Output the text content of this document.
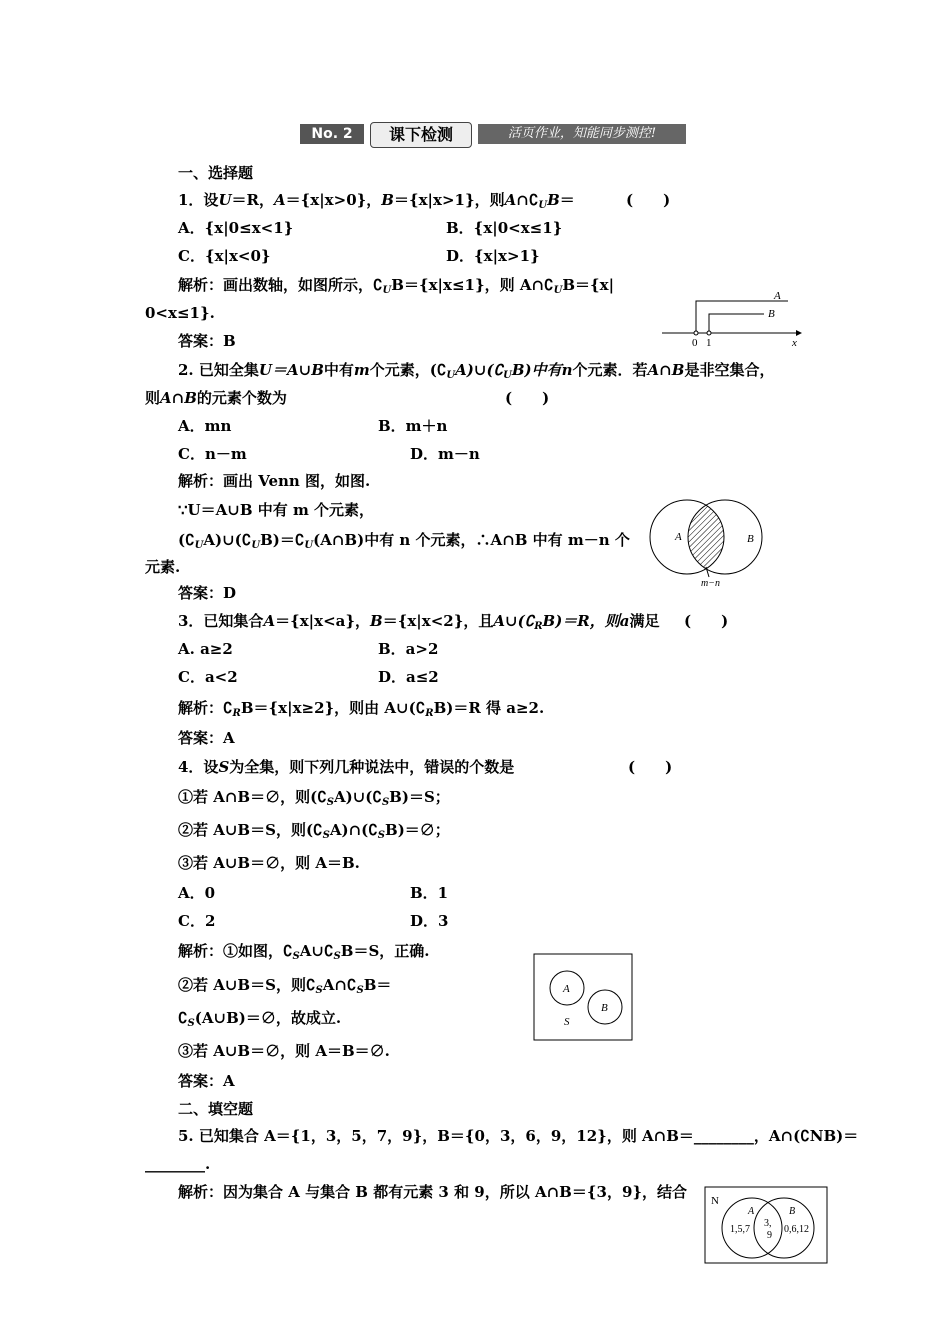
No. 2	课下检测	活页作业，知能同步测控!
一、选择题
1．设U＝R，A＝{x|x>0}，B＝{x|x>1}，则$A\cap∁_UB=$	(　　)
A．{x|0≤x<1}	B．{x|0<x≤1}
C．{x|x<0}	D．{x|x>1}
解析：画出数轴，如图所示，$∁_UB=\{x|x\le 1\}$，则 $A\cap∁_UB=\{x|$
0<x≤1}.
答案：B
A
B
0 1	x
2. 已知全集U＝A∪B中有m个元素，$(∁_UA)\cup(∁_UB)$中有n个元素．若A∩B是非空集合，
则A∩B的元素个数为	(　　)
A．mn	B．m＋n
C．n－m	D．m－n
解析：画出 Venn 图，如图.
∵U＝A∪B 中有 m 个元素，
$(∁_UA)\cup(∁_UB)=∁_U(A\cap B)$中有 n 个元素，∴A∩B 中有 m－n 个
元素.
答案：D
A	B
m−n
3．已知集合A＝{x|x<a}，B＝{x|x<2}，且$A\cup(∁_RB)=R$，则a满足 (　　)
A. a≥2	B．a>2
C．a<2	D．a≤2
解析：$∁_RB=\{x|x\ge 2\}$，则由 $A\cup(∁_RB)=R$ 得 a≥2.
答案：A
4．设S为全集，则下列几种说法中，错误的个数是	(　　)
①若 A∩B＝∅，则$(∁_SA)\cup(∁_SB)=S$；
②若 A∪B＝S，则$(∁_SA)\cap(∁_SB)=\emptyset$；
③若 A∪B＝∅，则 A＝B.
A．0	B．1
C．2	D．3
解析：①如图，$∁_SA\cup∁_SB=S$，正确.
②若 A∪B＝S，则$∁_SA\cap∁_SB=$
$∁_S(A\cup B)=\emptyset$，故成立.
③若 A∪B＝∅，则 A＝B＝∅.
答案：A
A
B
S
二、填空题
5. 已知集合 A＝{1，3，5，7，9}，B＝{0，3，6，9，12}，则 A∩B＝________，A∩(∁NB)＝
________.
解析：因为集合 A 与集合 B 都有元素 3 和 9，所以 A∩B＝{3，9}，结合 N
A	B
1,5,7
3,
9
0,6,12
